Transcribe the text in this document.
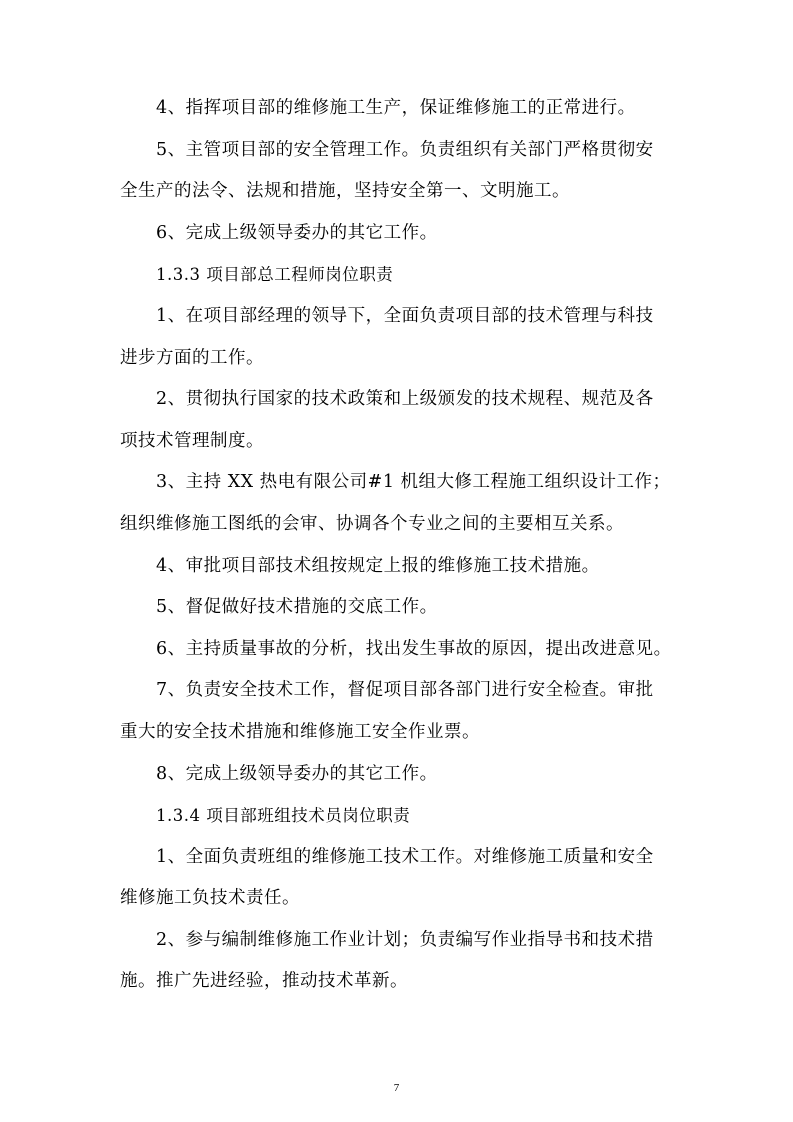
4、指挥项目部的维修施工生产，保证维修施工的正常进行。

5、主管项目部的安全管理工作。负责组织有关部门严格贯彻安

全生产的法令、法规和措施，坚持安全第一、文明施工。

6、完成上级领导委办的其它工作。

1.3.3 项目部总工程师岗位职责

1、在项目部经理的领导下，全面负责项目部的技术管理与科技

进步方面的工作。

2、贯彻执行国家的技术政策和上级颁发的技术规程、规范及各

项技术管理制度。

3、主持 XX 热电有限公司#1 机组大修工程施工组织设计工作；

组织维修施工图纸的会审、协调各个专业之间的主要相互关系。

4、审批项目部技术组按规定上报的维修施工技术措施。

5、督促做好技术措施的交底工作。

6、主持质量事故的分析，找出发生事故的原因，提出改进意见。

7、负责安全技术工作，督促项目部各部门进行安全检查。审批

重大的安全技术措施和维修施工安全作业票。

8、完成上级领导委办的其它工作。

1.3.4 项目部班组技术员岗位职责

1、全面负责班组的维修施工技术工作。对维修施工质量和安全

维修施工负技术责任。

2、参与编制维修施工作业计划；负责编写作业指导书和技术措

施。推广先进经验，推动技术革新。

7
